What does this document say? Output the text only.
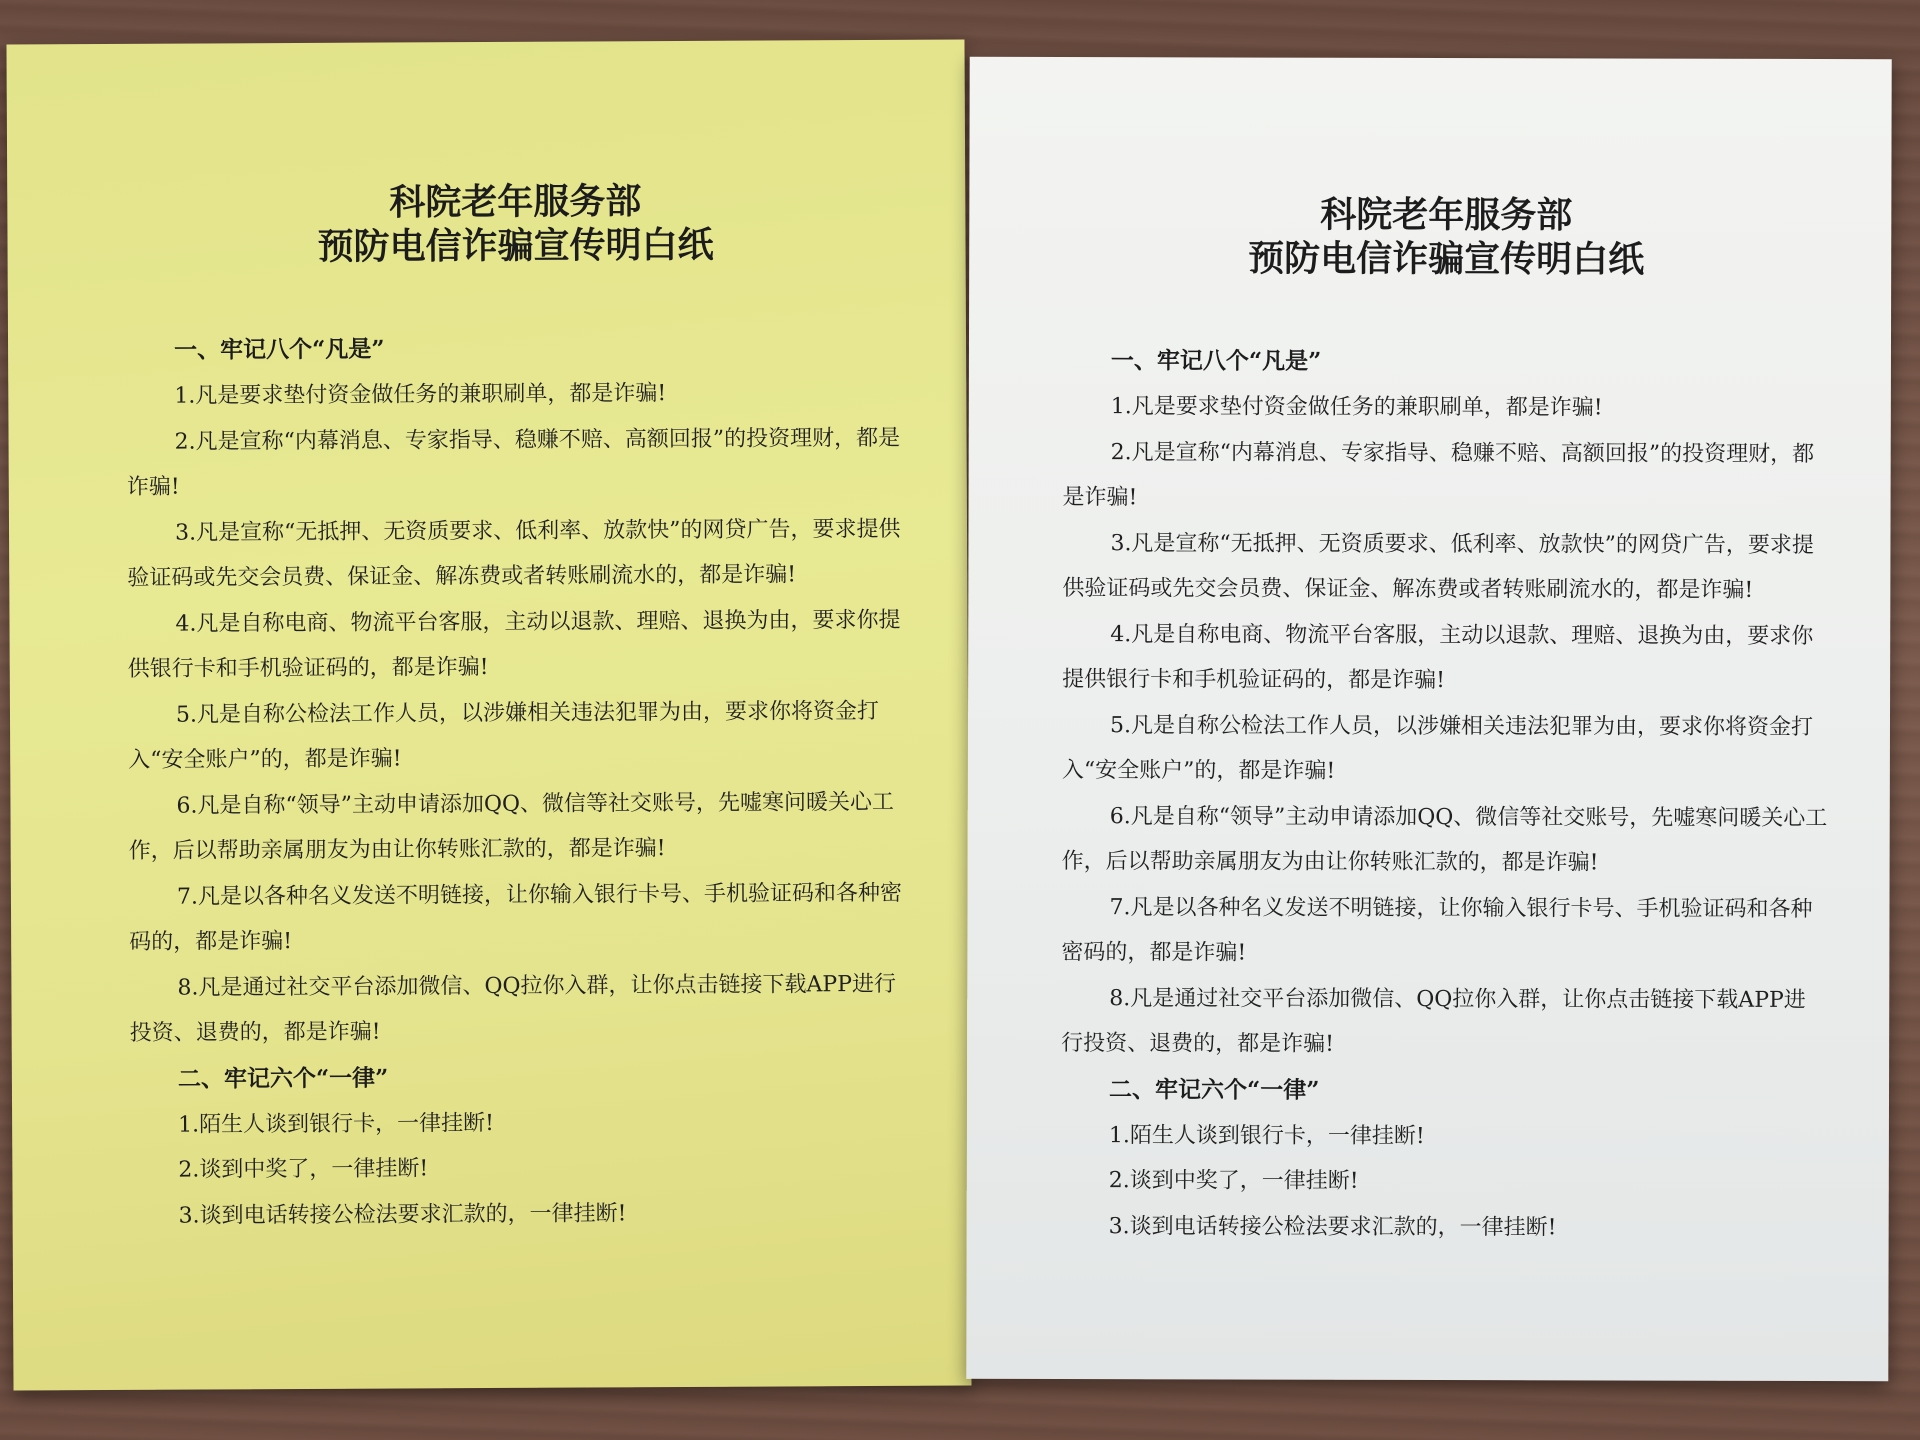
科院老年服务部
预防电信诈骗宣传明白纸
一、牢记八个“凡是”

1.凡是要求垫付资金做任务的兼职刷单，都是诈骗!

2.凡是宣称“内幕消息、专家指导、稳赚不赔、高额回报”的投资理财，都是诈骗!

3.凡是宣称“无抵押、无资质要求、低利率、放款快”的网贷广告，要求提供验证码或先交会员费、保证金、解冻费或者转账刷流水的，都是诈骗!

4.凡是自称电商、物流平台客服，主动以退款、理赔、退换为由，要求你提供银行卡和手机验证码的，都是诈骗!

5.凡是自称公检法工作人员，以涉嫌相关违法犯罪为由，要求你将资金打入“安全账户”的，都是诈骗!

6.凡是自称“领导”主动申请添加QQ、微信等社交账号，先嘘寒问暖关心工作，后以帮助亲属朋友为由让你转账汇款的，都是诈骗!

7.凡是以各种名义发送不明链接，让你输入银行卡号、手机验证码和各种密码的，都是诈骗!

8.凡是通过社交平台添加微信、QQ拉你入群，让你点击链接下载APP进行投资、退费的，都是诈骗!

二、牢记六个“一律”

1.陌生人谈到银行卡，一律挂断!

2.谈到中奖了，一律挂断!

3.谈到电话转接公检法要求汇款的，一律挂断!

科院老年服务部
预防电信诈骗宣传明白纸
一、牢记八个“凡是”

1.凡是要求垫付资金做任务的兼职刷单，都是诈骗!

2.凡是宣称“内幕消息、专家指导、稳赚不赔、高额回报”的投资理财，都是诈骗!

3.凡是宣称“无抵押、无资质要求、低利率、放款快”的网贷广告，要求提供验证码或先交会员费、保证金、解冻费或者转账刷流水的，都是诈骗!

4.凡是自称电商、物流平台客服，主动以退款、理赔、退换为由，要求你提供银行卡和手机验证码的，都是诈骗!

5.凡是自称公检法工作人员，以涉嫌相关违法犯罪为由，要求你将资金打入“安全账户”的，都是诈骗!

6.凡是自称“领导”主动申请添加QQ、微信等社交账号，先嘘寒问暖关心工作，后以帮助亲属朋友为由让你转账汇款的，都是诈骗!

7.凡是以各种名义发送不明链接，让你输入银行卡号、手机验证码和各种密码的，都是诈骗!

8.凡是通过社交平台添加微信、QQ拉你入群，让你点击链接下载APP进行投资、退费的，都是诈骗!

二、牢记六个“一律”

1.陌生人谈到银行卡，一律挂断!

2.谈到中奖了，一律挂断!

3.谈到电话转接公检法要求汇款的，一律挂断!
